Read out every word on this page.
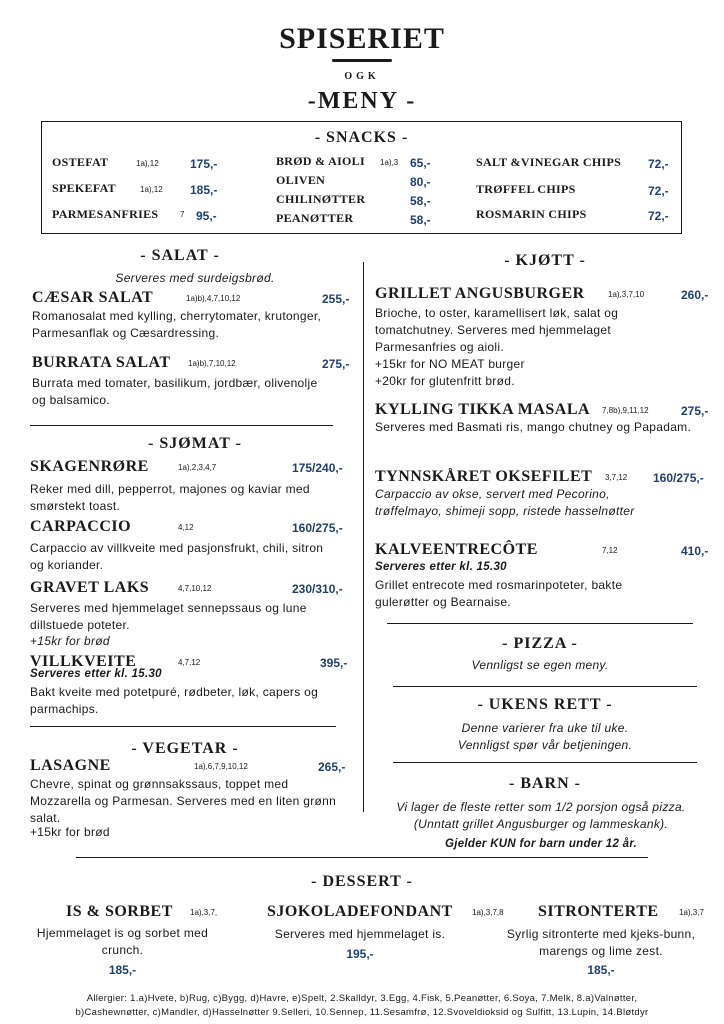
SPISERIET
OGK
-MENY -
- SNACKS -
OSTEFAT	1a),12	175,-
SPEKEFAT	1a),12 185,-
PARMESANFRIES	7 95,-
BRØD & AIOLI 1a),3 65,-
OLIVEN	80,-
CHILINØTTER	58,-
PEANØTTER	58,-
SALT &VINEGAR CHIPS 72,-
TRØFFEL CHIPS	72,-
ROSMARIN CHIPS	72,-
- SALAT -
Serveres med surdeigsbrød.
CÆSAR SALAT	1a)b),4,7,10,12	255,-
Romanosalat med kylling, cherrytomater, krutonger, Parmesanflak og Cæsardressing.
BURRATA SALAT 1a)b),7,10,12	275,-
Burrata med tomater, basilikum, jordbær, olivenolje og balsamico.
- SJØMAT -
SKAGENRØRE	1a),2,3,4,7	175/240,-
Reker med dill, pepperrot, majones og kaviar med smørstekt toast.
CARPACCIO	4,12	160/275,-
Carpaccio av villkveite med pasjonsfrukt, chili, sitron og koriander.
GRAVET LAKS	4,7,10,12	230/310,-
Serveres med hjemmelaget sennepssaus og lune dillstuede poteter.
+15kr for brød
VILLKVEITE	4,7,12	395,-
Serveres etter kl. 15.30
Bakt kveite med potetpuré, rødbeter, løk, capers og parmachips.
- VEGETAR -
LASAGNE	1a),6,7,9,10,12	265,-
Chevre, spinat og grønnsakssaus, toppet med Mozzarella og Parmesan. Serveres med en liten grønn salat.
+15kr for brød
- KJØTT -
GRILLET ANGUSBURGER	1a),3,7,10	260,-
Brioche, to oster, karamellisert løk, salat og tomatchutney. Serveres med hjemmelaget Parmesanfries og aioli.
+15kr for NO MEAT burger
+20kr for glutenfritt brød.
KYLLING TIKKA MASALA 7,8b),9,11,12	275,-
Serveres med Basmati ris, mango chutney og Papadam.
TYNNSKÅRET OKSEFILET 3,7,12 160/275,-
Carpaccio av okse, servert med Pecorino, trøffelmayo, shimeji sopp, ristede hasselnøtter
KALVEENTRECÔTE	7,12	410,-
Serveres etter kl. 15.30
Grillet entrecote med rosmarinpoteter, bakte gulerøtter og Bearnaise.
- PIZZA -
Vennligst se egen meny.
- UKENS RETT -
Denne varierer fra uke til uke.
Vennligst spør vår betjeningen.
- BARN -
Vi lager de fleste retter som 1/2 porsjon også pizza.
(Unntatt grillet Angusburger og lammeskank).
Gjelder KUN for barn under 12 år.
- DESSERT -
IS & SORBET 1a),3,7,
Hjemmelaget is og sorbet med crunch.
185,-
SJOKOLADEFONDANT 1a),3,7,8
Serveres med hjemmelaget is.
195,-
SITRONTERTE	1a),3,7
Syrlig sitronterte med kjeks-bunn, marengs og lime zest.
185,-
Allergier: 1.a)Hvete, b)Rug, c)Bygg, d)Havre, e)Spelt, 2.Skalldyr, 3.Egg, 4.Fisk, 5.Peanøtter, 6.Soya, 7.Melk, 8.a)Valnøtter,
b)Cashewnøtter, c)Mandler, d)Hasselnøtter 9.Selleri, 10.Sennep, 11.Sesamfrø, 12.Svoveldioksid og Sulfitt, 13.Lupin, 14.Bløtdyr
